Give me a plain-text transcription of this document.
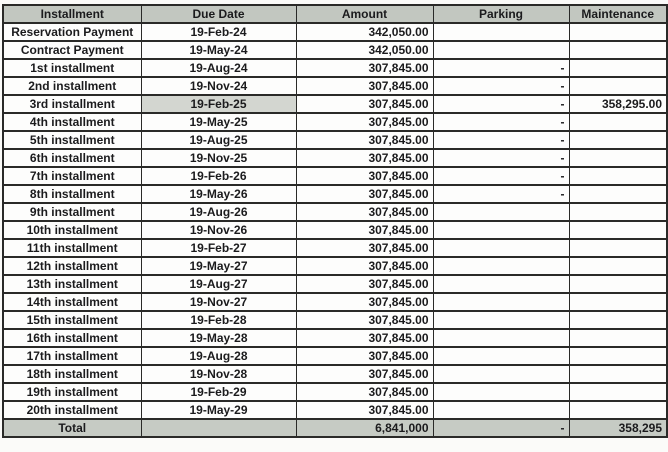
Installment	Due Date	Amount	Parking	Maintenance
Reservation Payment	19-Feb-24	342,050.00		
Contract Payment	19-May-24	342,050.00		
1st installment	19-Aug-24	307,845.00	-	
2nd installment	19-Nov-24	307,845.00	-	
3rd installment	19-Feb-25	307,845.00	-	358,295.00
4th installment	19-May-25	307,845.00	-	
5th installment	19-Aug-25	307,845.00	-	
6th installment	19-Nov-25	307,845.00	-	
7th installment	19-Feb-26	307,845.00	-	
8th installment	19-May-26	307,845.00	-	
9th installment	19-Aug-26	307,845.00		
10th installment	19-Nov-26	307,845.00		
11th installment	19-Feb-27	307,845.00		
12th installment	19-May-27	307,845.00		
13th installment	19-Aug-27	307,845.00		
14th installment	19-Nov-27	307,845.00		
15th installment	19-Feb-28	307,845.00		
16th installment	19-May-28	307,845.00		
17th installment	19-Aug-28	307,845.00		
18th installment	19-Nov-28	307,845.00		
19th installment	19-Feb-29	307,845.00		
20th installment	19-May-29	307,845.00		
Total		6,841,000	-	358,295
